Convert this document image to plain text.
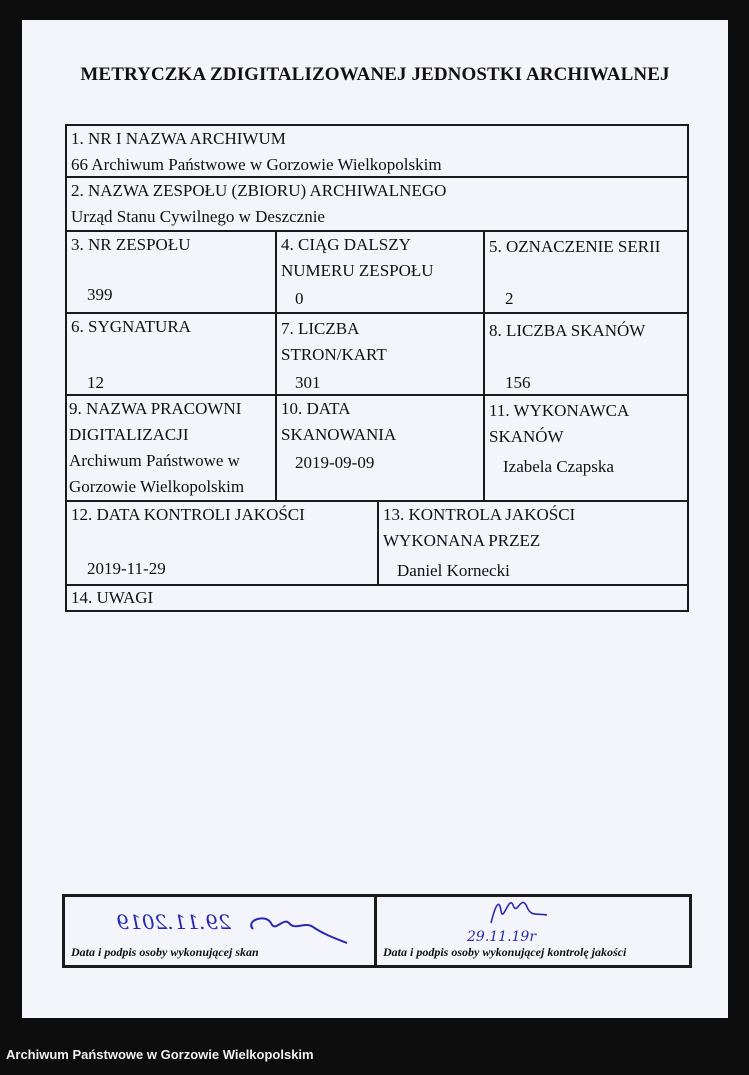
METRYCZKA ZDIGITALIZOWANEJ JEDNOSTKI ARCHIWALNEJ
1. NR I NAZWA ARCHIWUM
66 Archiwum Państwowe w Gorzowie Wielkopolskim
2. NAZWA ZESPOŁU (ZBIORU) ARCHIWALNEGO
Urząd Stanu Cywilnego w Deszcznie
3. NR ZESPOŁU
399
4. CIĄG DALSZY
NUMERU ZESPOŁU
0
5. OZNACZENIE SERII
2
6. SYGNATURA
12
7. LICZBA
STRON/KART
301
8. LICZBA SKANÓW
156
9. NAZWA PRACOWNI
DIGITALIZACJI
Archiwum Państwowe w
Gorzowie Wielkopolskim
10. DATA
SKANOWANIA
2019-09-09
11. WYKONAWCA
SKANÓW
Izabela Czapska
12. DATA KONTROLI JAKOŚCI
2019-11-29
13. KONTROLA JAKOŚCI
WYKONANA PRZEZ
Daniel Kornecki
14. UWAGI
29.11.2019
Data i podpis osoby wykonującej skan
29.11.19r
Data i podpis osoby wykonującej kontrolę jakości
Archiwum Państwowe w Gorzowie Wielkopolskim
